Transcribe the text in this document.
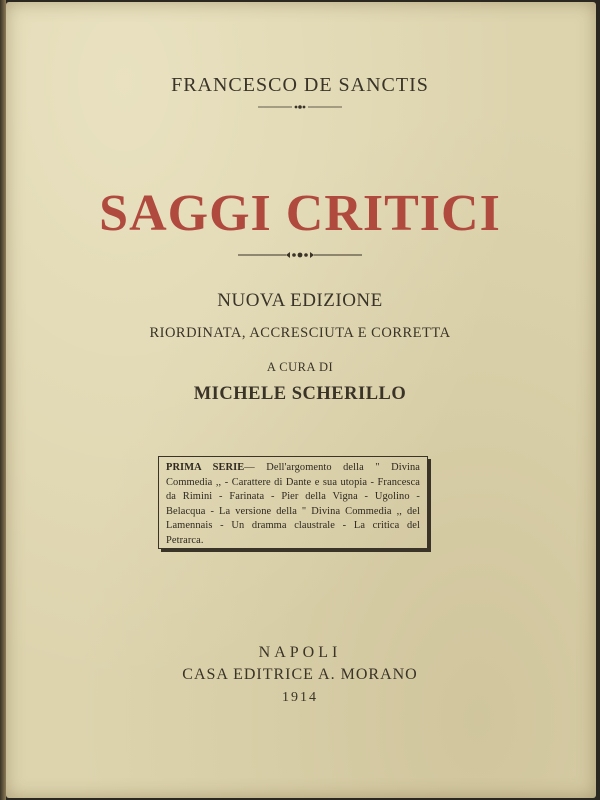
FRANCESCO DE SANCTIS
SAGGI CRITICI
NUOVA EDIZIONE
RIORDINATA, ACCRESCIUTA E CORRETTA
A CURA DI
MICHELE SCHERILLO
PRIMA SERIE— Dell'argomento della " Divina Commedia ,, - Carattere di Dante e sua utopia - Francesca da Rimini - Farinata - Pier della Vigna - Ugolino - Belacqua - La versione della " Divina Commedia ,, del Lamennais - Un dramma claustrale - La critica del Petrarca.
NAPOLI
CASA EDITRICE A. MORANO
1914
